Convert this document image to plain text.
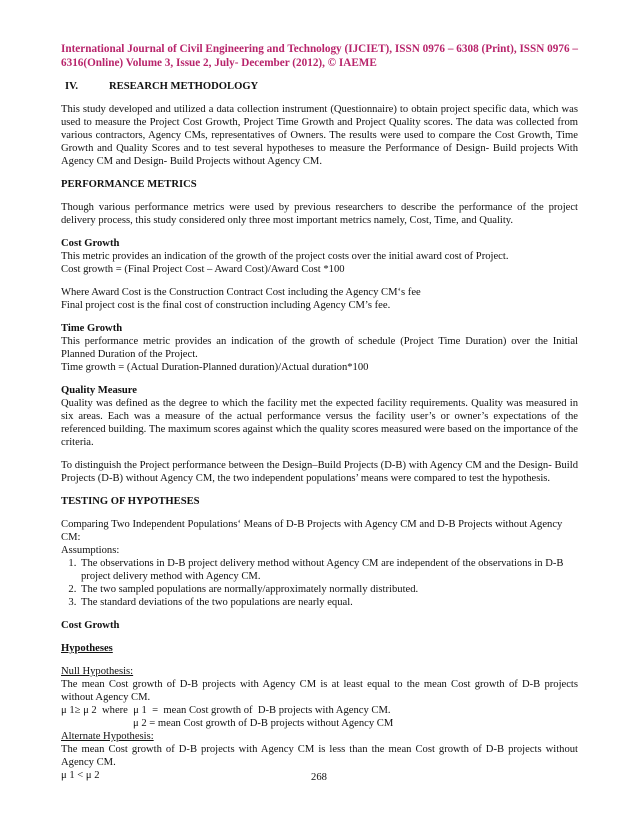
International Journal of Civil Engineering and Technology (IJCIET), ISSN 0976 – 6308 (Print), ISSN 0976 – 6316(Online) Volume 3, Issue 2, July- December (2012), © IAEME
IV.	RESEARCH METHODOLOGY

This study developed and utilized a data collection instrument (Questionnaire) to obtain project specific data, which was used to measure the Project Cost Growth, Project Time Growth and Project Quality scores. The data was collected from various contractors, Agency CMs, representatives of Owners. The results were used to compare the Cost Growth, Time Growth and Quality Scores and to test several hypotheses to measure the Performance of Design- Build projects With Agency CM and Design- Build Projects without Agency CM.

PERFORMANCE METRICS

Though various performance metrics were used by previous researchers to describe the performance of the project delivery process, this study considered only three most important metrics namely, Cost, Time, and Quality.

Cost Growth
This metric provides an indication of the growth of the project costs over the initial award cost of Project.
Cost growth = (Final Project Cost – Award Cost)/Award Cost *100
Where Award Cost is the Construction Contract Cost including the Agency CM‘s fee
Final project cost is the final cost of construction including Agency CM’s fee.
Time Growth
This performance metric provides an indication of the growth of schedule (Project Time Duration) over the Initial Planned Duration of the Project.
Time growth = (Actual Duration-Planned duration)/Actual duration*100
Quality Measure
Quality was defined as the degree to which the facility met the expected facility requirements. Quality was measured in six areas. Each was a measure of the actual performance versus the facility user’s or owner’s expectations of the referenced building. The maximum scores against which the quality scores measured were based on the importance of the criteria.

To distinguish the Project performance between the Design–Build Projects (D-B) with Agency CM and the Design- Build Projects (D-B) without Agency CM, the two independent populations’ means were compared to test the hypothesis.

TESTING OF HYPOTHESES

Comparing Two Independent Populations‘ Means of D-B Projects with Agency CM and D-B Projects without Agency CM:
Assumptions:
1. The observations in D-B project delivery method without Agency CM are independent of the observations in D-B project delivery method with Agency CM.
2. The two sampled populations are normally/approximately normally distributed.
3. The standard deviations of the two populations are nearly equal.

Cost Growth

Hypotheses

Null Hypothesis:
The mean Cost growth of D-B projects with Agency CM is at least equal to the mean Cost growth of D-B projects without Agency CM.
μ 1≥ μ 2  where  μ 1  =  mean Cost growth of  D-B projects with Agency CM.
μ 2 = mean Cost growth of D-B projects without Agency CM
Alternate Hypothesis:
The mean Cost growth of D-B projects with Agency CM is less than the mean Cost growth of D-B projects without Agency CM.
μ 1 < μ 2	268
